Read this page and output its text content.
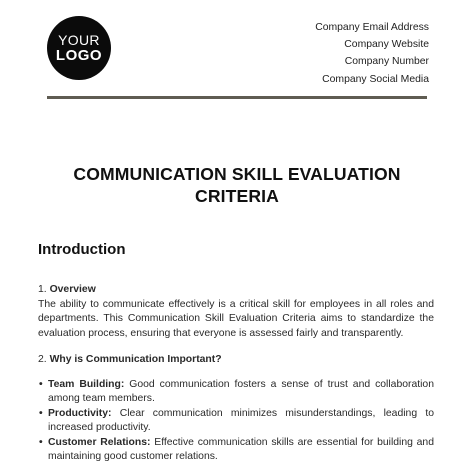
YOUR
LOGO
Company Email Address
Company Website
Company Number
Company Social Media
COMMUNICATION SKILL EVALUATION CRITERIA
Introduction
1. Overview

The ability to communicate effectively is a critical skill for employees in all roles and departments. This Communication Skill Evaluation Criteria aims to standardize the evaluation process, ensuring that everyone is assessed fairly and transparently.

2. Why is Communication Important?
• Team Building: Good communication fosters a sense of trust and collaboration among team members.
• Productivity: Clear communication minimizes misunderstandings, leading to increased productivity.
• Customer Relations: Effective communication skills are essential for building and maintaining good customer relations.
